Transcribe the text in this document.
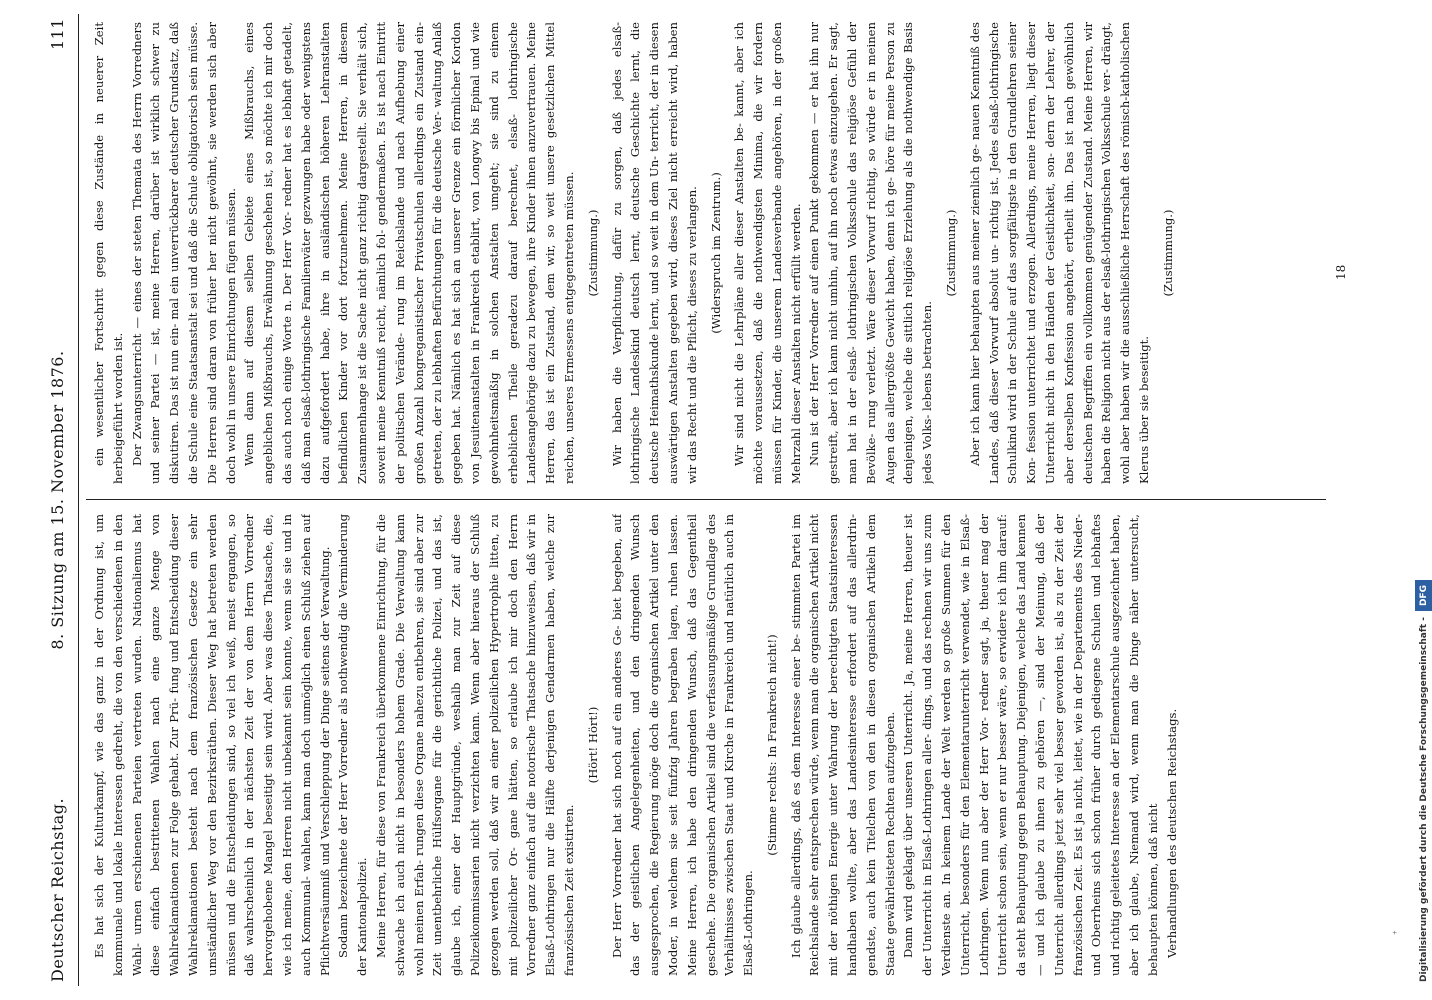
Deutscher Reichstag.
8. Sitzung am 15. November 1876.
111

Es hat sich der Kulturkampf, wie das ganz in der Ordnung ist, um kommunale und lokale Interessen gedreht, die von den verschiedenen in den Wahl- urnen erschienenen Parteien vertreten wurden. Nationaliemus hat diese einfach bestrittenen Wahlen nach eine ganze Menge von Wahlreklamationen zur Folge gehabt. Zur Prü- fung und Entscheidung dieser Wahlreklamationen besteht nach dem französischen Gesetze ein sehr umständlicher Weg vor den Bezirksräthen. Dieser Weg hat betreten werden müssen und die Entscheidungen sind, so viel ich weiß, meist ergangen, so daß wahrscheinlich in der nächsten Zeit der von dem Herrn Vorredner hervorgehobene Mangel beseitigt sein wird. Aber was diese Thatsache, die, wie ich meine, den Herren nicht unbekannt sein konnte, wenn sie sie und in auch Kommunal- wahlen, kann man doch unmöglich einen Schluß ziehen auf Pflichtversäumniß und Verschleppung der Dinge seitens der Verwaltung. Sodann bezeichnete der Herr Vorredner als nothwendig die Verminderung der Kantonalpolizei. Meine Herren, für diese von Frankreich überkommene Einrichtung, für die schwache ich auch nicht in besonders hohem Grade. Die Verwaltung kann wohl meinen Erfah- rungen diese Organe nahezu entbehren, sie sind aber zur Zeit unentbehrliche Hülfsorgane für die gerichtliche Polizei, und das ist, glaube ich, einer der Hauptgründe, weshalb man zur Zeit auf diese Polizeikommissarien nicht verzichten kann. Wenn aber hieraus der Schluß gezogen werden soll, daß wir an einer polizeilichen Hypertrophie litten, zu mit polizeilicher Or- gane hätten, so erlaube ich mir doch den Herrn Vorredner ganz einfach auf die notorische Thatsache hinzuweisen, daß wir in Elsaß-Lothringen nur die Hälfte derjenigen Gendarmen haben, welche zur französischen Zeit existirten.

(Hört! Hört!) Der Herr Vorredner hat sich noch auf ein anderes Ge- biet begeben, auf das der geistlichen Angelegenheiten, und den dringenden Wunsch ausgesprochen, die Regierung möge doch die organischen Artikel unter den Moder, in welchem sie seit fünfzig Jahren begraben lagen, ruhen lassen. Meine Herren, ich habe den dringenden Wunsch, daß das Gegentheil geschehe. Die organischen Artikel sind die verfassungsmäßige Grundlage des Verhältnisses zwischen Staat und Kirche in Frankreich und natürlich auch in Elsaß-Lothringen.

(Stimme rechts: In Frankreich nicht!) Ich glaube allerdings, daß es dem Interesse einer be- stimmten Partei im Reichslande sehr entsprechen würde, wenn man die organischen Artikel nicht mit der nöthigen Energie unter Wahrung der berechtigten Staatsinteressen handhaben wollte, aber das Landesinteresse erfordert auf das allerdrin- gendste, auch kein Titelchen von den in diesen organischen Artikeln dem Staate gewährleisteten Rechten aufzugeben. Dann wird geklagt über unseren Unterricht. Ja, meine Herren, theuer ist der Unterricht in Elsaß-Lothringen aller- dings, und das rechnen wir uns zum Verdienste an. In keinem Lande der Welt werden so große Summen für den Unterricht, besonders für den Elementarunterricht verwendet, wie in Elsaß-Lothringen. Wenn nun aber der Herr Vor- redner sagt, ja, theuer mag der Unterricht schon sein, wenn er nur besser wäre, so erwidere ich ihm darauf: da steht Behauptung gegen Behauptung. Diejenigen, welche das Land kennen — und ich glaube zu ihnen zu gehören —, sind der Meinung, daß der Unterricht allerdings jetzt sehr viel besser geworden ist, als zu der Zeit der französischen Zeit. Es ist ja nicht, leitet, wie in der Departements des Nieder- und Oberrheins sich schon früher durch gediegene Schulen und lebhaftes und richtig geleitetes Interesse an der Elementarschule ausgezeichnet haben, aber ich glaube, Niemand wird, wenn man die Dinge näher untersucht, behaupten können, daß nicht Verhandlungen des deutschen Reichstags.

ein wesentlicher Fortschritt gegen diese Zustände in neuerer Zeit herbeigeführt worden ist. Der Zwangsunterricht — eines der steten Themata des Herrn Vorredners und seiner Partei — ist, meine Herren, darüber ist wirklich schwer zu diskutiren. Das ist nun ein- mal ein unverrückbarer deutscher Grundsatz, daß die Schule eine Staatsanstalt sei und daß die Schule obligatorisch sein müsse. Die Herren sind daran von früher her nicht gewöhnt, sie werden sich aber doch wohl in unsere Einrichtungen fügen müssen. Wenn dann auf diesem selben Gebiete eines Mißbrauchs, eines angeblichen Mißbrauchs, Erwähnung geschehen ist, so möchte ich mir doch das auch noch einige Worte n. Der Herr Vor- redner hat es lebhaft getadelt, daß man elsaß-lothringische Familienväter gezwungen habe oder wenigstens dazu aufgefordert habe, ihre in ausländischen höheren Lehranstalten befindlichen Kinder vor dort fortzunehmen. Meine Herren, in diesem Zusammenhange ist die Sache nicht ganz richtig dargestellt. Sie verhält sich, soweit meine Kenntniß reicht, nämlich fol- gendermaßen. Es ist nach Eintritt der politischen Verände- rung im Reichslande und nach Aufhebung einer großen Anzahl kongreganistischer Privatschulen allerdings ein Zustand ein- getreten, der zu lebhaften Befürchtungen für die deutsche Ver- waltung Anlaß gegeben hat. Nämlich es hat sich an unserer Grenze ein förmlicher Kordon von Jesuitenanstalten in Frankreich etablirt, von Longwy bis Epinal und wie gewohnheitsmäßig in solchen Anstalten umgeht; sie sind zu einem erheblichen Theile geradezu darauf berechnet, elsaß- lothringische Landesangehörige dazu zu bewegen, ihre Kinder ihnen anzuvertrauen. Meine Herren, das ist ein Zustand, dem wir, so weit unsere gesetzlichen Mittel reichen, unseres Ermessens entgegentreten müssen. (Zustimmung.) Wir haben die Verpflichtung, dafür zu sorgen, daß jedes elsaß-lothringische Landeskind deutsch lernt, deutsche Geschichte lernt, die deutsche Heimathskunde lernt, und so weit in dem Un- terricht, der in diesen auswärtigen Anstalten gegeben wird, dieses Ziel nicht erreicht wird, haben wir das Recht und die Pflicht, dieses zu verlangen. (Widerspruch im Zentrum.) Wir sind nicht die Lehrpläne aller dieser Anstalten be- kannt, aber ich möchte voraussetzen, daß die nothwendigsten Minima, die wir fordern müssen für Kinder, die unserem Landesverbande angehören, in der großen Mehrzahl dieser Anstalten nicht erfüllt werden. Nun ist der Herr Vorredner auf einen Punkt gekommen — er hat ihn nur gestreift, aber ich kann nicht umhin, auf ihn noch etwas einzugehen. Er sagt, man hat in der elsaß- lothringischen Volksschule das religiöse Gefühl der Bevölke- rung verletzt. Wäre dieser Vorwurf richtig, so würde er in meinen Augen das allergrößte Gewicht haben, denn ich ge- höre für meine Person zu denjenigen, welche die sittlich religiöse Erziehung als die nothwendige Basis jedes Volks- lebens betrachten.

(Zustimmung.) Aber ich kann hier behaupten aus meiner ziemlich ge- nauen Kenntniß des Landes, daß dieser Vorwurf absolut un- richtig ist. Jedes elsaß-lothringische Schulkind wird in der Schule auf das sorgfältigste in den Grundlehren seiner Kon- fession unterrichtet und erzogen. Allerdings, meine Herren, liegt dieser Unterricht nicht in den Händen der Geistlichkeit, son- dern der Lehrer, der aber derselben Konfession angehört, ertheilt ihn. Das ist nach gewöhnlich deutschen Begriffen ein vollkommen genügender Zustand. Meine Herren, wir haben die Religion nicht aus der elsaß-lothringischen Volksschule ver- drängt, wohl aber haben wir die ausschließliche Herrschaft des römisch-katholischen Klerus über sie beseitigt.

(Zustimmung.)	18
Digitalisierung gefördert durch die Deutsche Forschungsgemeinschaft -DFG
⁺
